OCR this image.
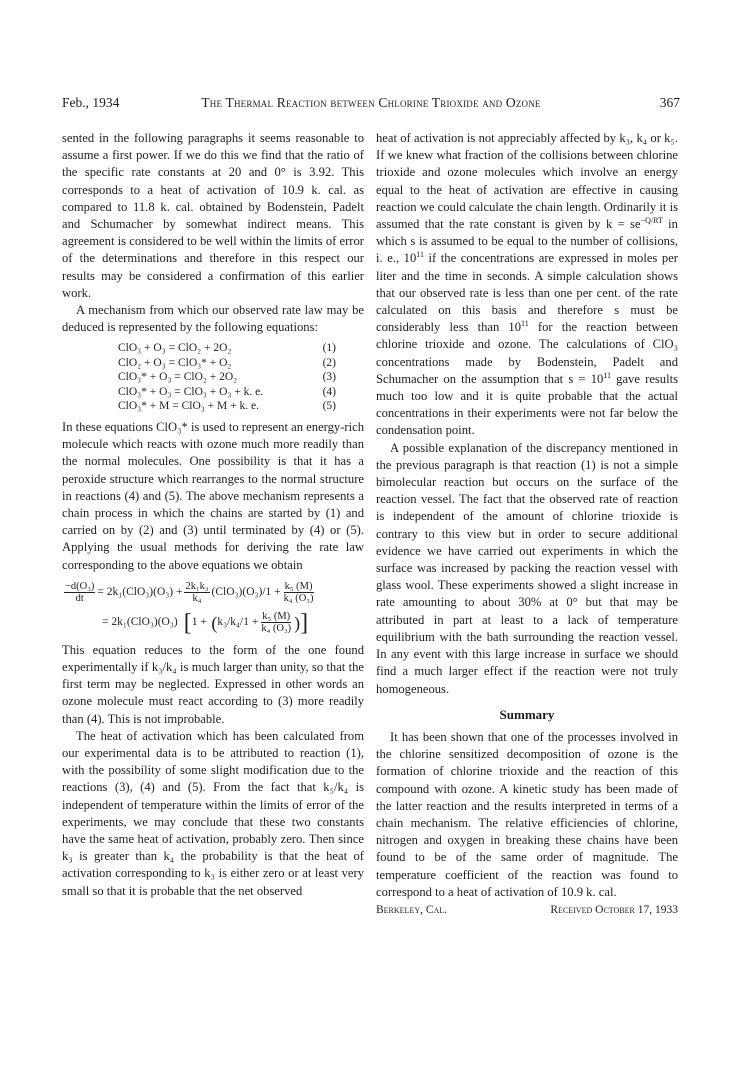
Feb., 1934	The Thermal Reaction between Chlorine Trioxide and Ozone	367

sented in the following paragraphs it seems reasonable to assume a first power. If we do this we find that the ratio of the specific rate constants at 20 and 0° is 3.92. This corresponds to a heat of activation of 10.9 k. cal. as compared to 11.8 k. cal. obtained by Bodenstein, Padelt and Schumacher by somewhat indirect means. This agreement is considered to be well within the limits of error of the determinations and therefore in this respect our results may be considered a confirmation of this earlier work.

A mechanism from which our observed rate law may be deduced is represented by the following equations:

ClO₃ + O₃ = ClO₂ + 2O₂	(1)
ClO₂ + O₃ = ClO₃* + O₂	(2)
ClO₃* + O₃ = ClO₂ + 2O₂	(3)
ClO₃* + O₃ = ClO₃ + O₃ + k. e.	(4)
ClO₃* + M = ClO₃ + M + k. e.	(5)

In these equations ClO₃* is used to represent an energy-rich molecule which reacts with ozone much more readily than the normal molecules. One possibility is that it has a peroxide structure which rearranges to the normal structure in reactions (4) and (5). The above mechanism represents a chain process in which the chains are started by (1) and carried on by (2) and (3) until terminated by (4) or (5). Applying the usual methods for deriving the rate law corresponding to the above equations we obtain

$\frac{\text{−d(O₃)}}{dt} = 2k_1(ClO_3)(O_3) + \frac{\text{2k₁k₃}}{\text{k₄}} (ClO_3)(O_3)/1 + \frac{\text{k₅ (M)}}{\text{k₄ (O₃)}}$
= 2k₁(ClO₃)(O₃) [ 1 + ( $k_3/k_4/1 + \frac{\text{k₅ (M)}}{\text{k₄ (O₃)}}$ ) ]

This equation reduces to the form of the one found experimentally if k₃/k₄ is much larger than unity, so that the first term may be neglected. Expressed in other words an ozone molecule must react according to (3) more readily than (4). This is not improbable.

The heat of activation which has been calculated from our experimental data is to be attributed to reaction (1), with the possibility of some slight modification due to the reactions (3), (4) and (5). From the fact that k₅/k₄ is independent of temperature within the limits of error of the experiments, we may conclude that these two constants have the same heat of activation, probably zero. Then since k₃ is greater than k₄ the probability is that the heat of activation corresponding to k₃ is either zero or at least very small so that it is probable that the net observed

heat of activation is not appreciably affected by k₃, k₄ or k₅. If we knew what fraction of the collisions between chlorine trioxide and ozone molecules which involve an energy equal to the heat of activation are effective in causing reaction we could calculate the chain length. Ordinarily it is assumed that the rate constant is given by $k = se^{-Q/RT}$ in which s is assumed to be equal to the number of collisions, i. e., $10^{11}$ if the concentrations are expressed in moles per liter and the time in seconds. A simple calculation shows that our observed rate is less than one per cent. of the rate calculated on this basis and therefore s must be considerably less than $10^{11}$ for the reaction between chlorine trioxide and ozone. The calculations of ClO₃ concentrations made by Bodenstein, Padelt and Schumacher on the assumption that $s = 10^{11}$ gave results much too low and it is quite probable that the actual concentrations in their experiments were not far below the condensation point.

A possible explanation of the discrepancy mentioned in the previous paragraph is that reaction (1) is not a simple bimolecular reaction but occurs on the surface of the reaction vessel. The fact that the observed rate of reaction is independent of the amount of chlorine trioxide is contrary to this view but in order to secure additional evidence we have carried out experiments in which the surface was increased by packing the reaction vessel with glass wool. These experiments showed a slight increase in rate amounting to about 30% at 0° but that may be attributed in part at least to a lack of temperature equilibrium with the bath surrounding the reaction vessel. In any event with this large increase in surface we should find a much larger effect if the reaction were not truly homogeneous.

Summary

It has been shown that one of the processes involved in the chlorine sensitized decomposition of ozone is the formation of chlorine trioxide and the reaction of this compound with ozone. A kinetic study has been made of the latter reaction and the results interpreted in terms of a chain mechanism. The relative efficiencies of chlorine, nitrogen and oxygen in breaking these chains have been found to be of the same order of magnitude. The temperature coefficient of the reaction was found to correspond to a heat of activation of 10.9 k. cal.

Berkeley, Cal.	Received October 17, 1933
